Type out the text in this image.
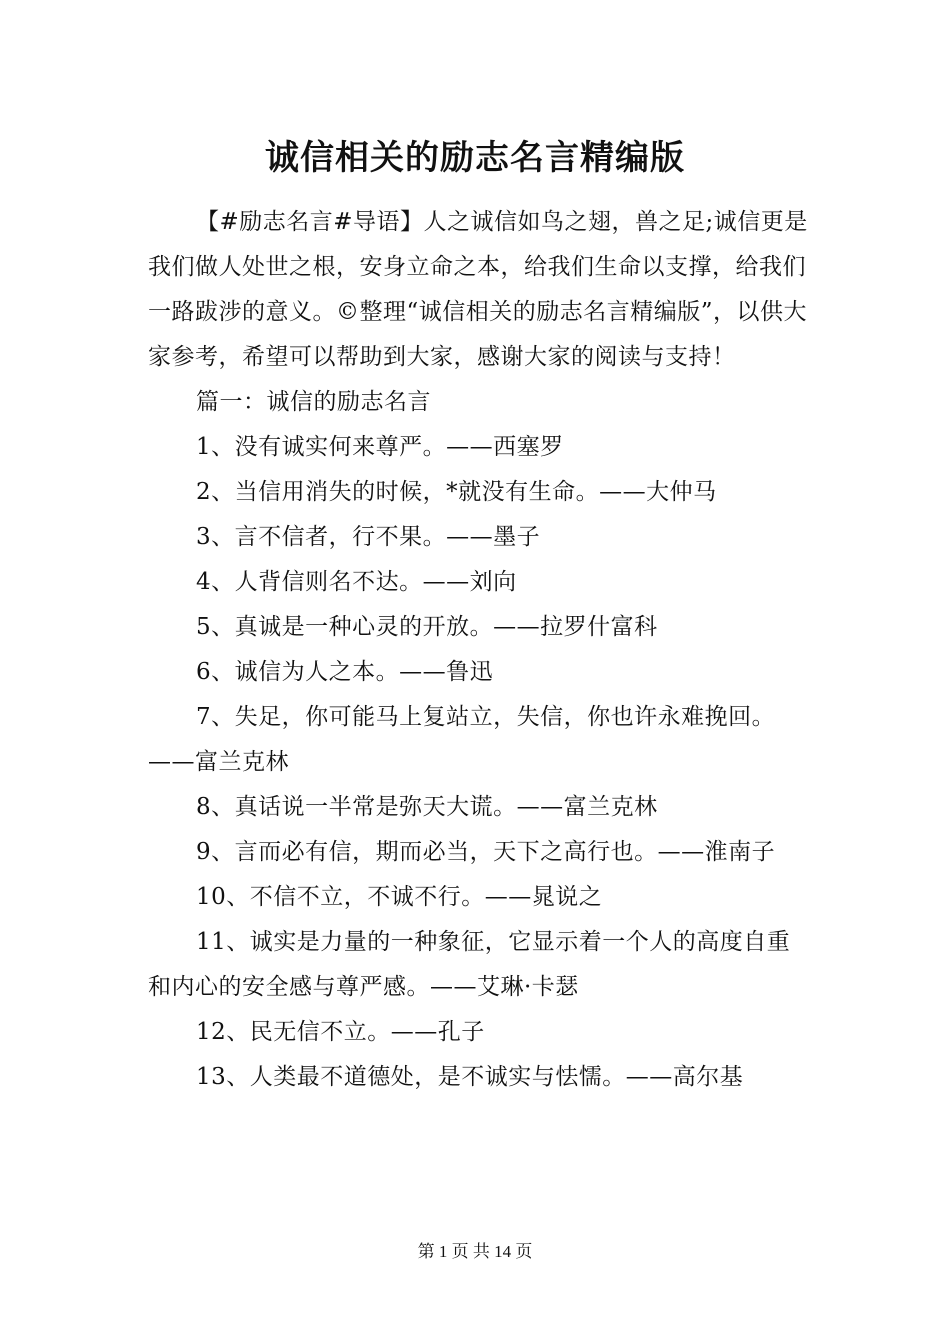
诚信相关的励志名言精编版

【#励志名言#导语】人之诚信如鸟之翅，兽之足;诚信更是我们做人处世之根，安身立命之本，给我们生命以支撑，给我们一路跋涉的意义。©整理“诚信相关的励志名言精编版”，以供大家参考，希望可以帮助到大家，感谢大家的阅读与支持！

篇一：诚信的励志名言

1、没有诚实何来尊严。——西塞罗

2、当信用消失的时候，*就没有生命。——大仲马

3、言不信者，行不果。——墨子

4、人背信则名不达。——刘向

5、真诚是一种心灵的开放。——拉罗什富科

6、诚信为人之本。——鲁迅

7、失足，你可能马上复站立，失信，你也许永难挽回。——富兰克林

8、真话说一半常是弥天大谎。——富兰克林

9、言而必有信，期而必当，天下之高行也。——淮南子

10、不信不立，不诚不行。——晁说之

11、诚实是力量的一种象征，它显示着一个人的高度自重和内心的安全感与尊严感。——艾琳·卡瑟

12、民无信不立。——孔子

13、人类最不道德处，是不诚实与怯懦。——高尔基

第 1 页 共 14 页
